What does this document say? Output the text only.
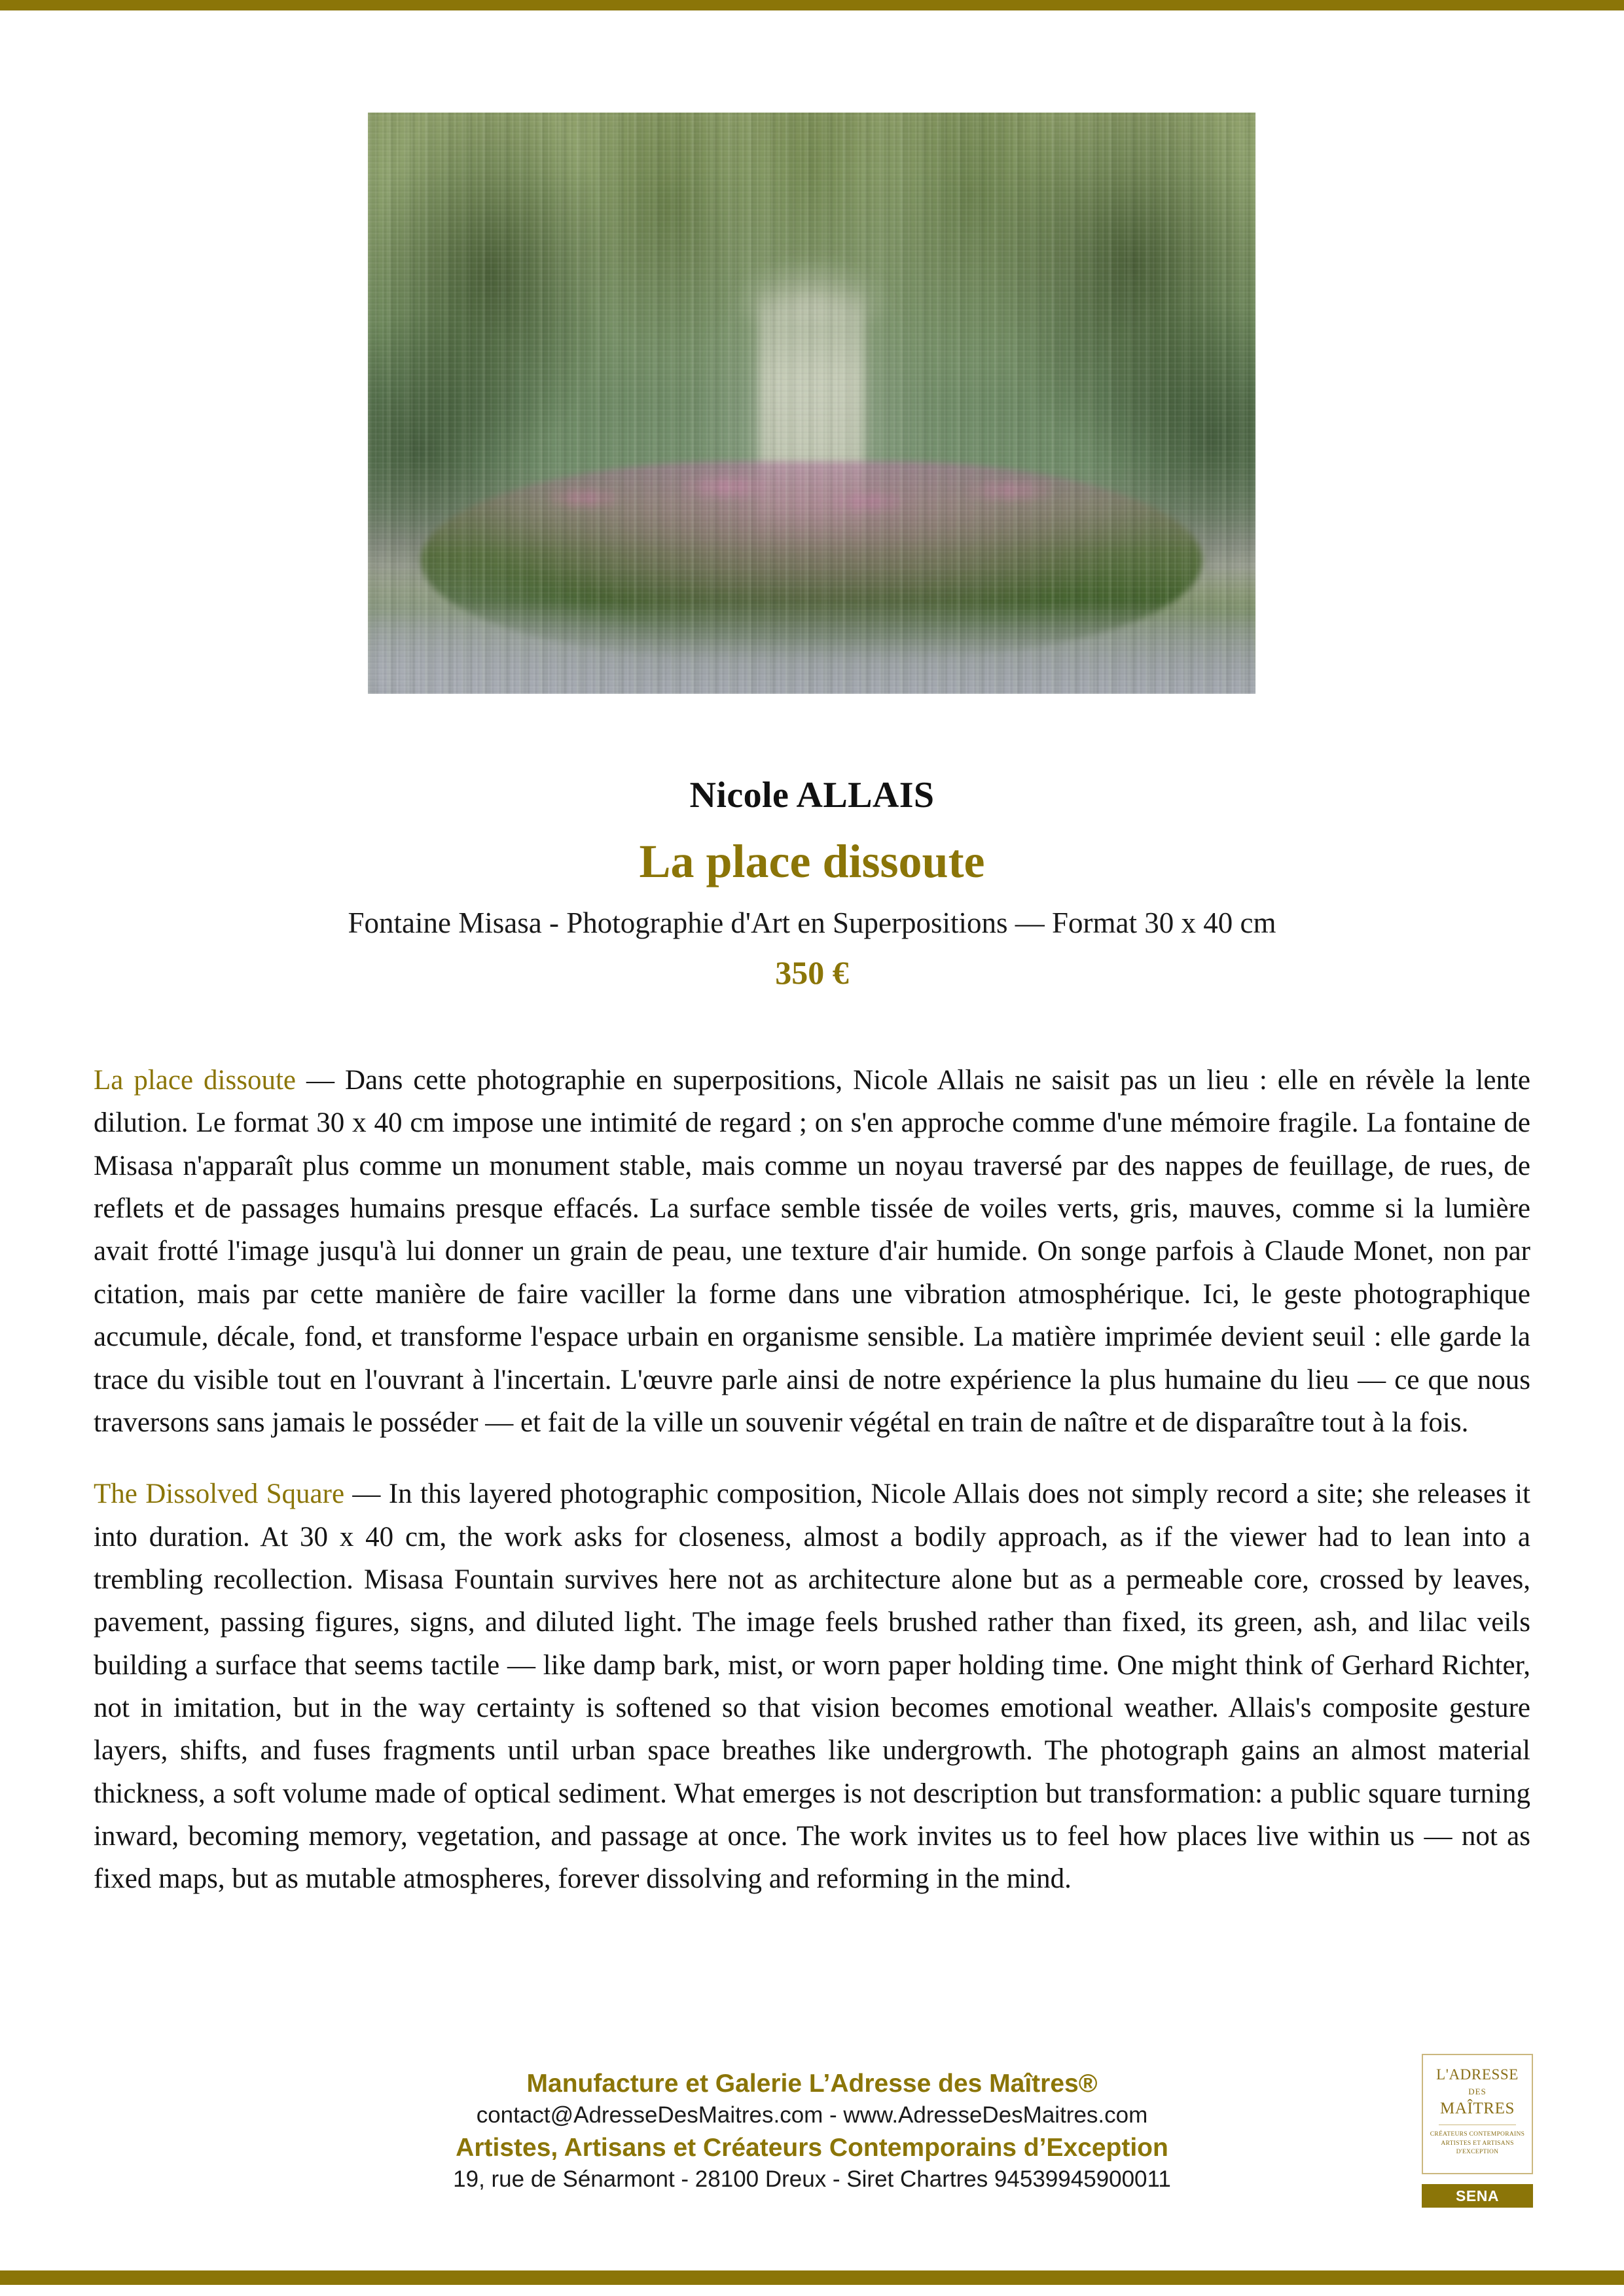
Nicole ALLAIS
La place dissoute
Fontaine Misasa - Photographie d'Art en Superpositions — Format 30 x 40 cm
350 €

La place dissoute — Dans cette photographie en superpositions, Nicole Allais ne saisit pas un lieu : elle en révèle la lente dilution. Le format 30 x 40 cm impose une intimité de regard ; on s'en approche comme d'une mémoire fragile. La fontaine de Misasa n'apparaît plus comme un monument stable, mais comme un noyau traversé par des nappes de feuillage, de rues, de reflets et de passages humains presque effacés. La surface semble tissée de voiles verts, gris, mauves, comme si la lumière avait frotté l'image jusqu'à lui donner un grain de peau, une texture d'air humide. On songe parfois à Claude Monet, non par citation, mais par cette manière de faire vaciller la forme dans une vibration atmosphérique. Ici, le geste photographique accumule, décale, fond, et transforme l'espace urbain en organisme sensible. La matière imprimée devient seuil : elle garde la trace du visible tout en l'ouvrant à l'incertain. L'œuvre parle ainsi de notre expérience la plus humaine du lieu — ce que nous traversons sans jamais le posséder — et fait de la ville un souvenir végétal en train de naître et de disparaître tout à la fois.

The Dissolved Square — In this layered photographic composition, Nicole Allais does not simply record a site; she releases it into duration. At 30 x 40 cm, the work asks for closeness, almost a bodily approach, as if the viewer had to lean into a trembling recollection. Misasa Fountain survives here not as architecture alone but as a permeable core, crossed by leaves, pavement, passing figures, signs, and diluted light. The image feels brushed rather than fixed, its green, ash, and lilac veils building a surface that seems tactile — like damp bark, mist, or worn paper holding time. One might think of Gerhard Richter, not in imitation, but in the way certainty is softened so that vision becomes emotional weather. Allais's composite gesture layers, shifts, and fuses fragments until urban space breathes like undergrowth. The photograph gains an almost material thickness, a soft volume made of optical sediment. What emerges is not description but transformation: a public square turning inward, becoming memory, vegetation, and passage at once. The work invites us to feel how places live within us — not as fixed maps, but as mutable atmospheres, forever dissolving and reforming in the mind.

Manufacture et Galerie L’Adresse des Maîtres®
contact@AdresseDesMaitres.com - www.AdresseDesMaitres.com
Artistes, Artisans et Créateurs Contemporains d’Exception
19, rue de Sénarmont - 28100 Dreux - Siret Chartres 94539945900011
L'ADRESSE
DES
MAÎTRES
CRÉATEURS CONTEMPORAINS
ARTISTES ET ARTISANS
D'EXCEPTION
SENA
